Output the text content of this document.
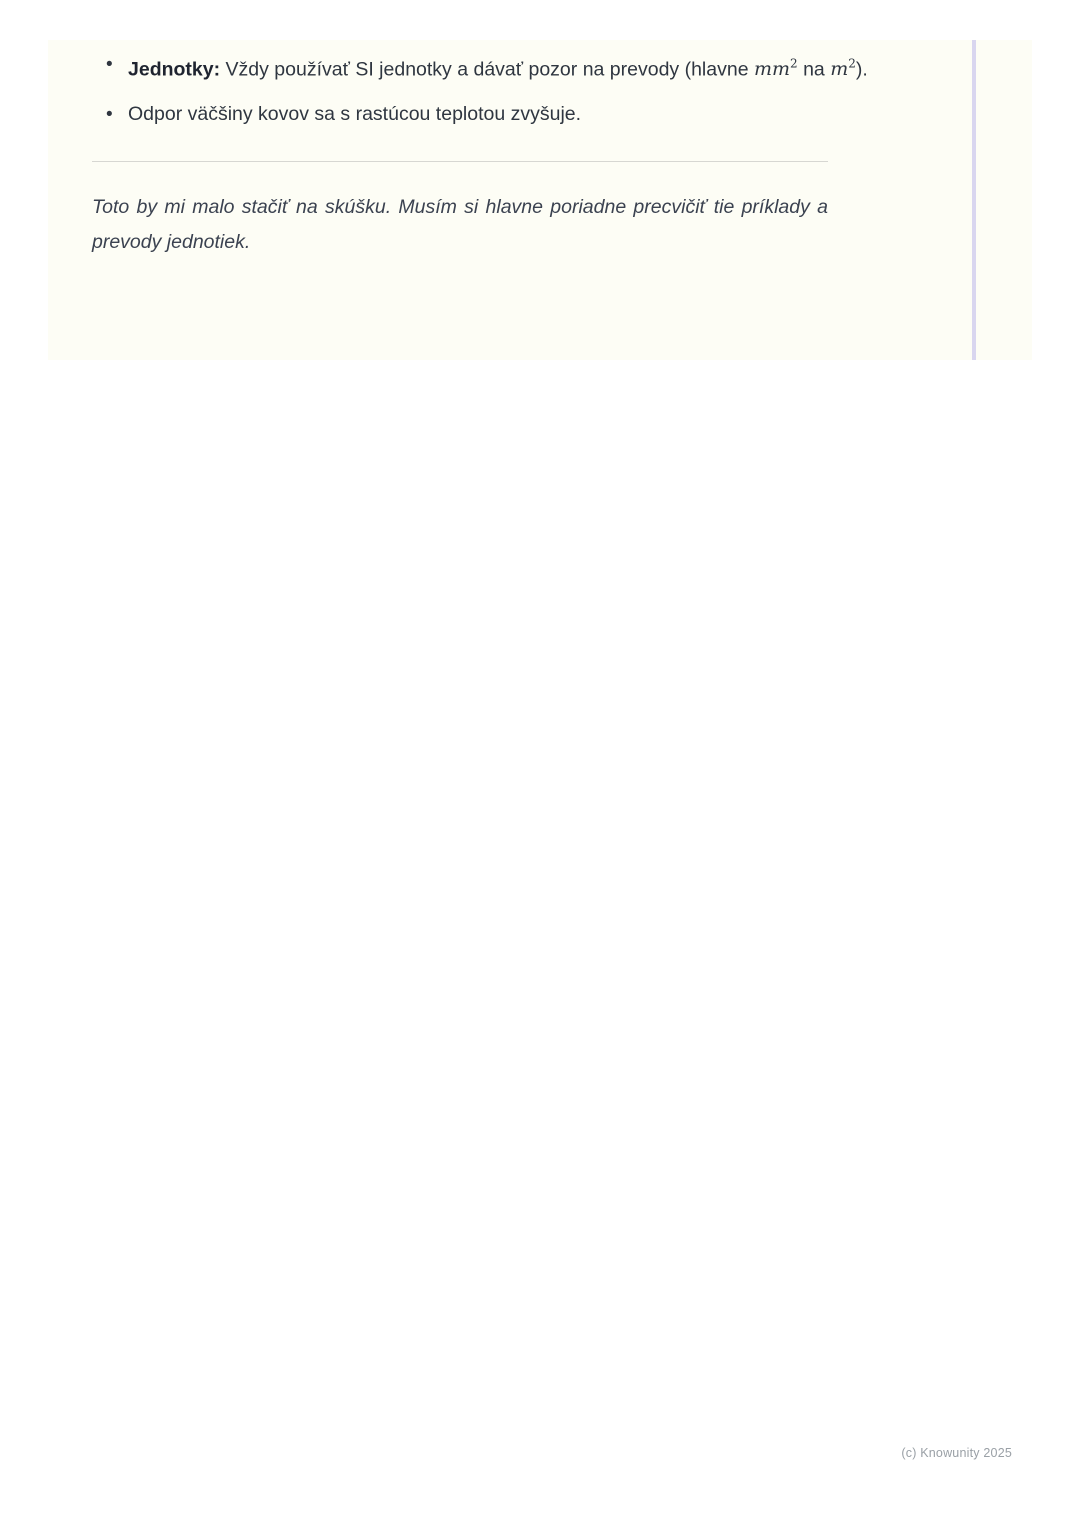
• Jednotky: Vždy používať SI jednotky a dávať pozor na prevody (hlavne $mm^2$ na $m^2$).
• Odpor väčšiny kovov sa s rastúcou teplotou zvyšuje.

Toto by mi malo stačiť na skúšku. Musím si hlavne poriadne precvičiť tie príklady a prevody jednotiek.

(c) Knowunity 2025
